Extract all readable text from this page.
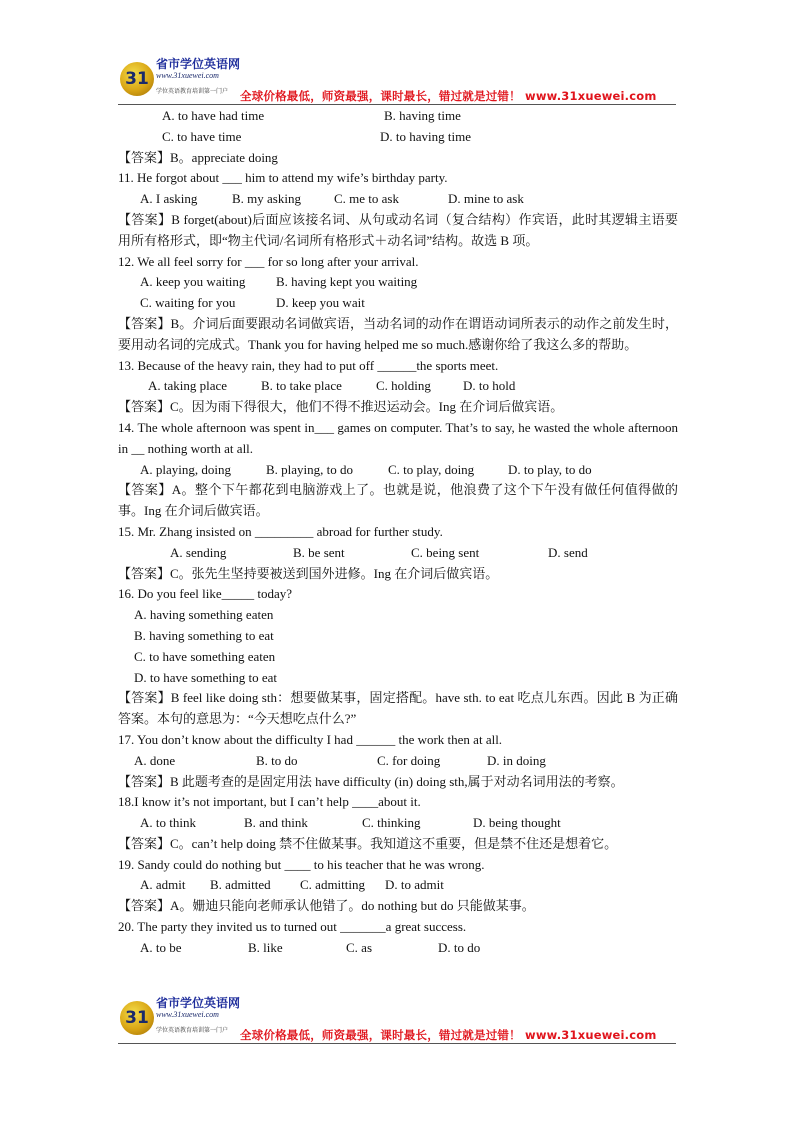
31
省市学位英语网
www.31xuewei.com
学位英语教育培训第一门户 全球价格最低，师资最强，课时最长，错过就是过错！ www.31xuewei.com
A. to have had time	B. having time
C. to have time	D. to having time
【答案】B。appreciate doing
11. He forgot about ___ him to attend my wife’s birthday party.
A. I asking	B. my asking	C. me to ask	D. mine to ask
【答案】B forget(about)后面应该接名词、从句或动名词（复合结构）作宾语，此时其逻辑主语要用所有格形式，即“物主代词/名词所有格形式＋动名词”结构。故选 B 项。
12. We all feel sorry for ___ for so long after your arrival.
A. keep you waiting B. having kept you waiting
C. waiting for you	D. keep you wait
【答案】B。介词后面要跟动名词做宾语，当动名词的动作在谓语动词所表示的动作之前发生时，要用动名词的完成式。Thank you for having helped me so much.感谢你给了我这么多的帮助。
13. Because of the heavy rain, they had to put off ______the sports meet.
A. taking place	B. to take place	C. holding D. to hold
【答案】C。因为雨下得很大，他们不得不推迟运动会。Ing 在介词后做宾语。
14. The whole afternoon was spent in___ games on computer. That’s to say, he wasted the whole afternoon in __ nothing worth at all.
A. playing, doing	B. playing, to do	C. to play, doing	D. to play, to do
【答案】A。整个下午都花到电脑游戏上了。也就是说，他浪费了这个下午没有做任何值得做的事。Ing 在介词后做宾语。
15. Mr. Zhang insisted on _________ abroad for further study.
A. sending	B. be sent	C. being sent	D. send
【答案】C。张先生坚持要被送到国外进修。Ing 在介词后做宾语。
16. Do you feel like_____ today?
A. having something eaten
B. having something to eat
C. to have something eaten
D. to have something to eat
【答案】B feel like doing sth：想要做某事，固定搭配。have sth. to eat 吃点儿东西。因此 B 为正确答案。本句的意思为：“今天想吃点什么?”
17. You don’t know about the difficulty I had ______ the work then at all.
A. done	B. to do	C. for doing	D. in doing
【答案】B 此题考查的是固定用法 have difficulty (in) doing sth,属于对动名词用法的考察。
18.I know it’s not important, but I can’t help ____about it.
A. to think	B. and think	C. thinking	D. being thought
【答案】C。can’t help doing 禁不住做某事。我知道这不重要，但是禁不住还是想着它。
19. Sandy could do nothing but ____ to his teacher that he was wrong.
A. admit B. admitted C. admitting D. to admit
【答案】A。姗迪只能向老师承认他错了。do nothing but do 只能做某事。
20. The party they invited us to turned out _______a great success.
A. to be	B. like	C. as	D. to do
31
省市学位英语网
www.31xuewei.com
学位英语教育培训第一门户 全球价格最低，师资最强，课时最长，错过就是过错！ www.31xuewei.com
